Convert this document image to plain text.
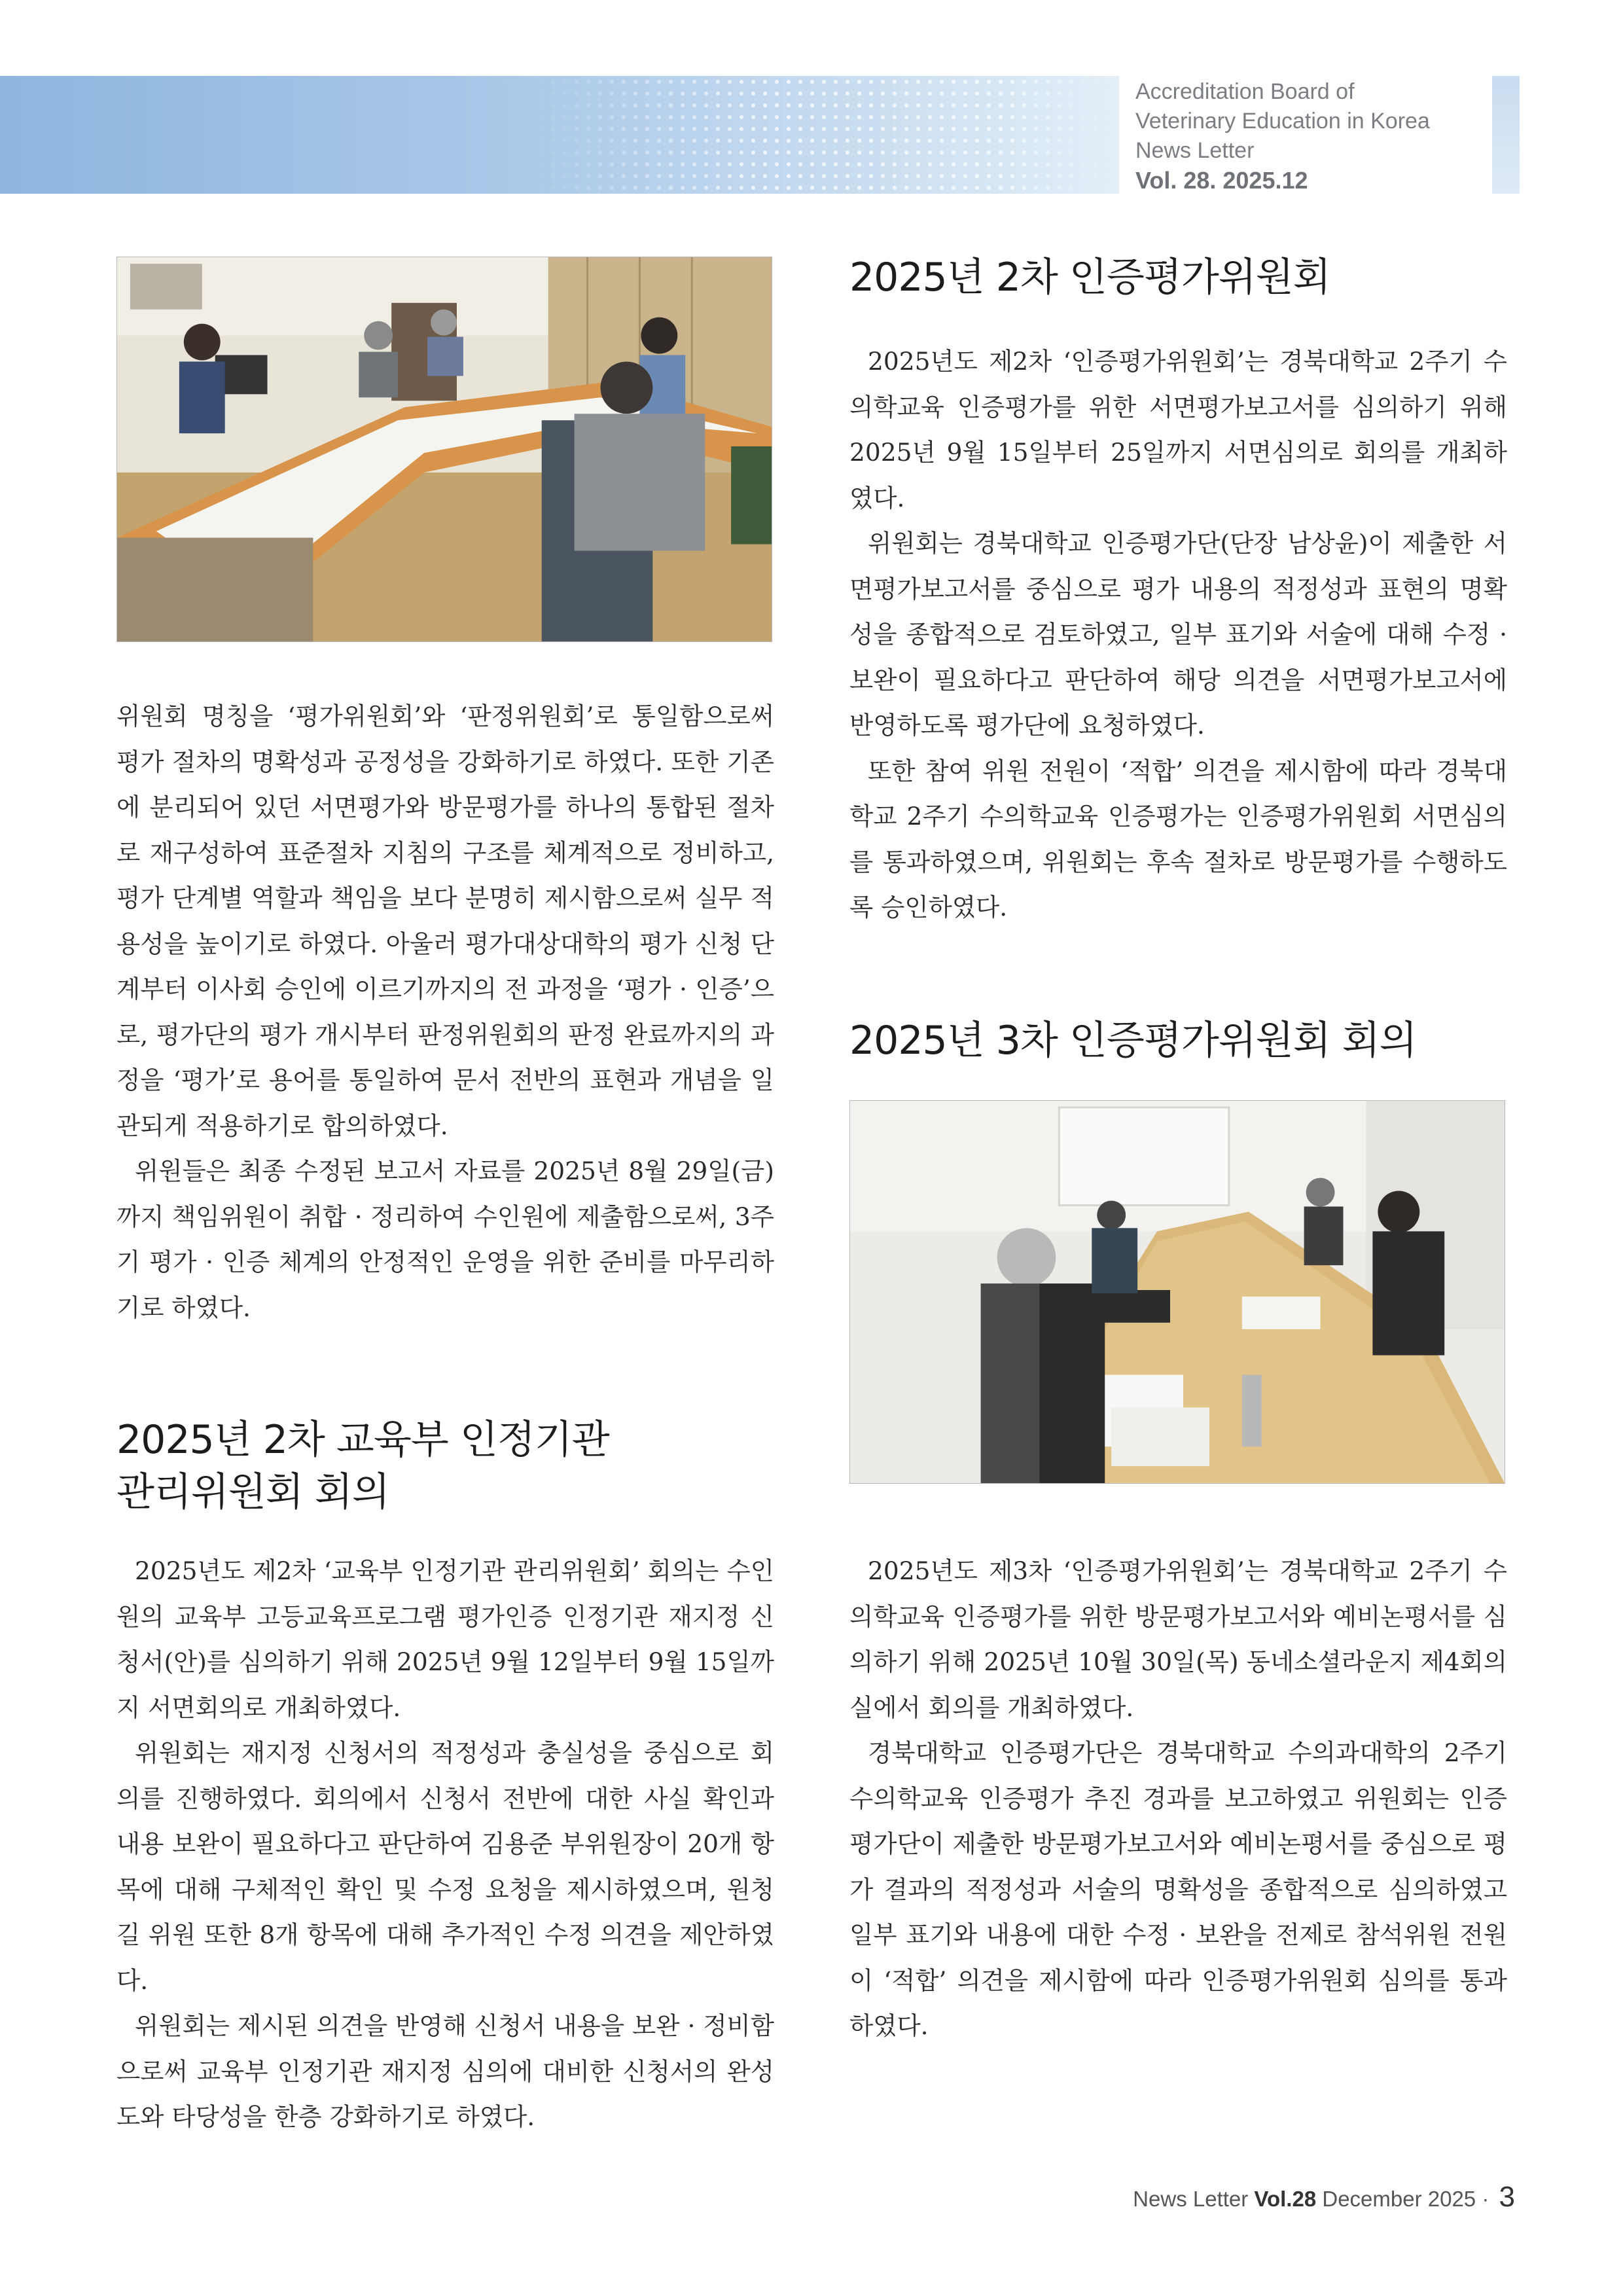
Accreditation Board of
Veterinary Education in Korea
News Letter
Vol. 28. 2025.12

위원회 명칭을 ‘평가위원회’와 ‘판정위원회’로 통일함으로써 평가 절차의 명확성과 공정성을 강화하기로 하였다. 또한 기존에 분리되어 있던 서면평가와 방문평가를 하나의 통합된 절차로 재구성하여 표준절차 지침의 구조를 체계적으로 정비하고, 평가 단계별 역할과 책임을 보다 분명히 제시함으로써 실무 적용성을 높이기로 하였다. 아울러 평가대상대학의 평가 신청 단계부터 이사회 승인에 이르기까지의 전 과정을 ‘평가 · 인증’으로, 평가단의 평가 개시부터 판정위원회의 판정 완료까지의 과정을 ‘평가’로 용어를 통일하여 문서 전반의 표현과 개념을 일관되게 적용하기로 합의하였다.

위원들은 최종 수정된 보고서 자료를 2025년 8월 29일(금)까지 책임위원이 취합 · 정리하여 수인원에 제출함으로써, 3주기 평가 · 인증 체계의 안정적인 운영을 위한 준비를 마무리하기로 하였다.

2025년 2차 교육부 인정기관
관리위원회 회의

2025년도 제2차 ‘교육부 인정기관 관리위원회’ 회의는 수인원의 교육부 고등교육프로그램 평가인증 인정기관 재지정 신청서(안)를 심의하기 위해 2025년 9월 12일부터 9월 15일까지 서면회의로 개최하였다.

위원회는 재지정 신청서의 적정성과 충실성을 중심으로 회의를 진행하였다. 회의에서 신청서 전반에 대한 사실 확인과 내용 보완이 필요하다고 판단하여 김용준 부위원장이 20개 항목에 대해 구체적인 확인 및 수정 요청을 제시하였으며, 원청길 위원 또한 8개 항목에 대해 추가적인 수정 의견을 제안하였다.

위원회는 제시된 의견을 반영해 신청서 내용을 보완 · 정비함으로써 교육부 인정기관 재지정 심의에 대비한 신청서의 완성도와 타당성을 한층 강화하기로 하였다.

2025년 2차 인증평가위원회

2025년도 제2차 ‘인증평가위원회’는 경북대학교 2주기 수의학교육 인증평가를 위한 서면평가보고서를 심의하기 위해 2025년 9월 15일부터 25일까지 서면심의로 회의를 개최하였다.

위원회는 경북대학교 인증평가단(단장 남상윤)이 제출한 서면평가보고서를 중심으로 평가 내용의 적정성과 표현의 명확성을 종합적으로 검토하였고, 일부 표기와 서술에 대해 수정 · 보완이 필요하다고 판단하여 해당 의견을 서면평가보고서에 반영하도록 평가단에 요청하였다.

또한 참여 위원 전원이 ‘적합’ 의견을 제시함에 따라 경북대학교 2주기 수의학교육 인증평가는 인증평가위원회 서면심의를 통과하였으며, 위원회는 후속 절차로 방문평가를 수행하도록 승인하였다.

2025년 3차 인증평가위원회 회의

2025년도 제3차 ‘인증평가위원회’는 경북대학교 2주기 수의학교육 인증평가를 위한 방문평가보고서와 예비논평서를 심의하기 위해 2025년 10월 30일(목) 동네소셜라운지 제4회의실에서 회의를 개최하였다.

경북대학교 인증평가단은 경북대학교 수의과대학의 2주기 수의학교육 인증평가 추진 경과를 보고하였고 위원회는 인증평가단이 제출한 방문평가보고서와 예비논평서를 중심으로 평가 결과의 적정성과 서술의 명확성을 종합적으로 심의하였고 일부 표기와 내용에 대한 수정 · 보완을 전제로 참석위원 전원이 ‘적합’ 의견을 제시함에 따라 인증평가위원회 심의를 통과하였다.

News Letter Vol.28 December 2025 · 3
